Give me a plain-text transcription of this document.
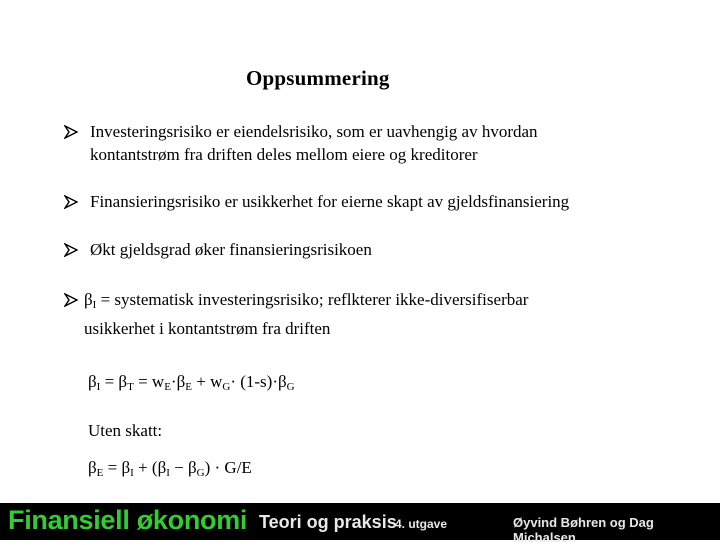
Oppsummering
Investeringsrisiko er eiendelsrisiko, som er uavhengig av hvordan
kontantstrøm fra driften deles mellom eiere og kreditorer
Finansieringsrisiko er usikkerhet for eierne skapt av gjeldsfinansiering
Økt gjeldsgrad øker finansieringsrisikoen
$\beta_I$ = systematisk investeringsrisiko; reflkterer ikke-diversifiserbar
usikkerhet i kontantstrøm fra driften
$\beta_I = \beta_T = w_E\cdot\beta_E + w_G\cdot (1-s)\cdot\beta_G$
Uten skatt:
$\beta_E = \beta_I + (\beta_I - \beta_G) \cdot G/E$
Finansiell økonomi Teori og praksis
4. utgave	Øyvind Bøhren og Dag Michalsen
